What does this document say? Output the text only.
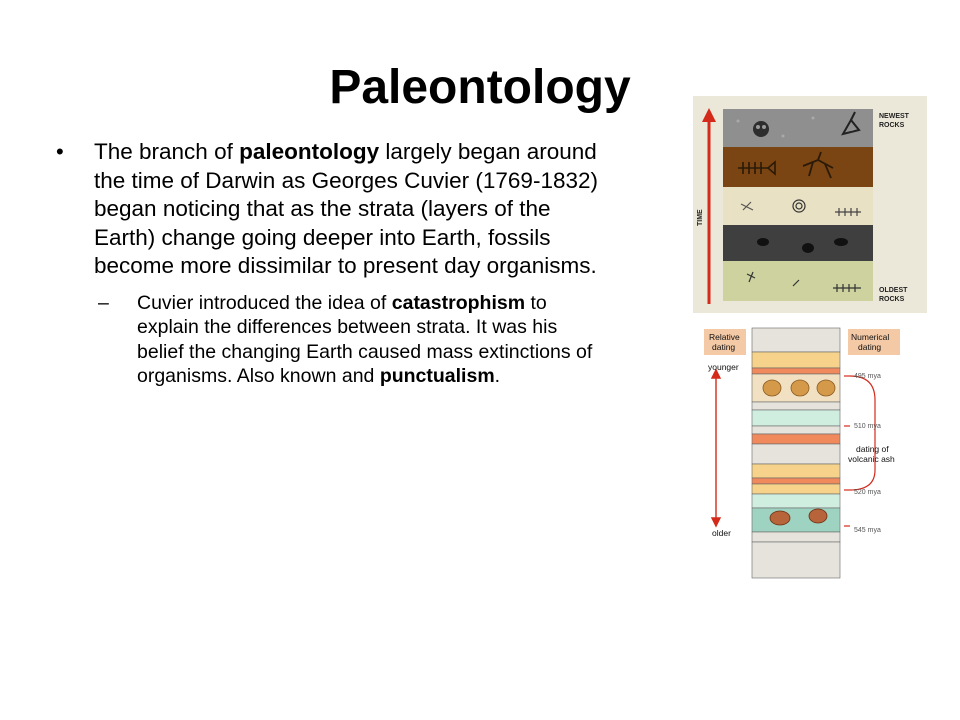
Paleontology
• The branch of paleontology largely began around the time of Darwin as Georges Cuvier (1769-1832) began noticing that as the strata (layers of the Earth) change going deeper into Earth, fossils become more dissimilar to present day organisms.
– Cuvier introduced the idea of catastrophism to explain the differences between strata. It was his belief the changing Earth caused mass extinctions of organisms. Also known and punctualism.
TIME
NEWEST
ROCKS
OLDEST
ROCKS
Relative
dating
Numerical
dating
younger
older
495 mya
510 mya
520 mya
545 mya
dating of
volcanic ash
